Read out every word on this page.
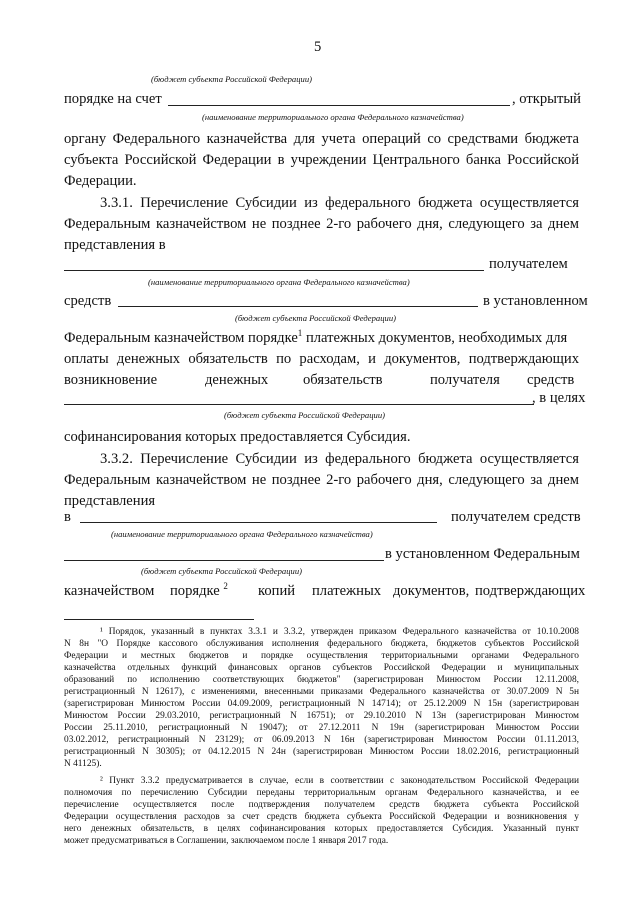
5
(бюджет субъекта Российской Федерации)
порядке на счет	, открытый
(наименование территориального органа Федерального казначейства)
органу Федерального казначейства для учета операций со средствами бюджета
субъекта Российской Федерации в учреждении Центрального банка Российской
Федерации.
3.3.1. Перечисление Субсидии из федерального бюджета осуществляется
Федеральным казначейством не позднее 2-го рабочего дня, следующего за днем
представления в
получателем
(наименование территориального органа Федерального казначейства)
средств	в установленном
(бюджет субъекта Российской Федерации)
Федеральным казначейством порядке$^1$ платежных документов, необходимых для
оплаты денежных обязательств по расходам, и документов, подтверждающих
возникновение	денежных обязательств	получателя средств
, в целях
(бюджет субъекта Российской Федерации)
софинансирования которых предоставляется Субсидия.
3.3.2. Перечисление Субсидии из федерального бюджета осуществляется
Федеральным казначейством не позднее 2-го рабочего дня, следующего за днем
представления
в	получателем средств
(наименование территориального органа Федерального казначейства)
в установленном Федеральным
(бюджет субъекта Российской Федерации)
казначейством порядке $^2$ копий платежных документов, подтверждающих
¹ Порядок, указанный в пунктах 3.3.1 и 3.3.2, утвержден приказом Федерального казначейства от 10.10.2008
N 8н "О Порядке кассового обслуживания исполнения федерального бюджета, бюджетов субъектов Российской
Федерации и местных бюджетов и порядке осуществления территориальными органами Федерального
казначейства отдельных функций финансовых органов субъектов Российской Федерации и муниципальных
образований по исполнению соответствующих бюджетов" (зарегистрирован Минюстом России 12.11.2008,
регистрационный N 12617), с изменениями, внесенными приказами Федерального казначейства от 30.07.2009 N 5н
(зарегистрирован Минюстом России 04.09.2009, регистрационный N 14714); от 25.12.2009 N 15н (зарегистрирован
Минюстом России 29.03.2010, регистрационный N 16751); от 29.10.2010 N 13н (зарегистрирован Минюстом
России 25.11.2010, регистрационный N 19047); от 27.12.2011 N 19н (зарегистрирован Минюстом России
03.02.2012, регистрационный N 23129); от 06.09.2013 N 16н (зарегистрирован Минюстом России 01.11.2013,
регистрационный N 30305); от 04.12.2015 N 24н (зарегистрирован Минюстом России 18.02.2016, регистрационный
N 41125).
² Пункт 3.3.2 предусматривается в случае, если в соответствии с законодательством Российской Федерации
полномочия по перечислению Субсидии переданы территориальным органам Федерального казначейства, и ее
перечисление осуществляется после подтверждения получателем средств бюджета субъекта Российской
Федерации осуществления расходов за счет средств бюджета субъекта Российской Федерации и возникновения у
него денежных обязательств, в целях софинансирования которых предоставляется Субсидия. Указанный пункт
может предусматриваться в Соглашении, заключаемом после 1 января 2017 года.
